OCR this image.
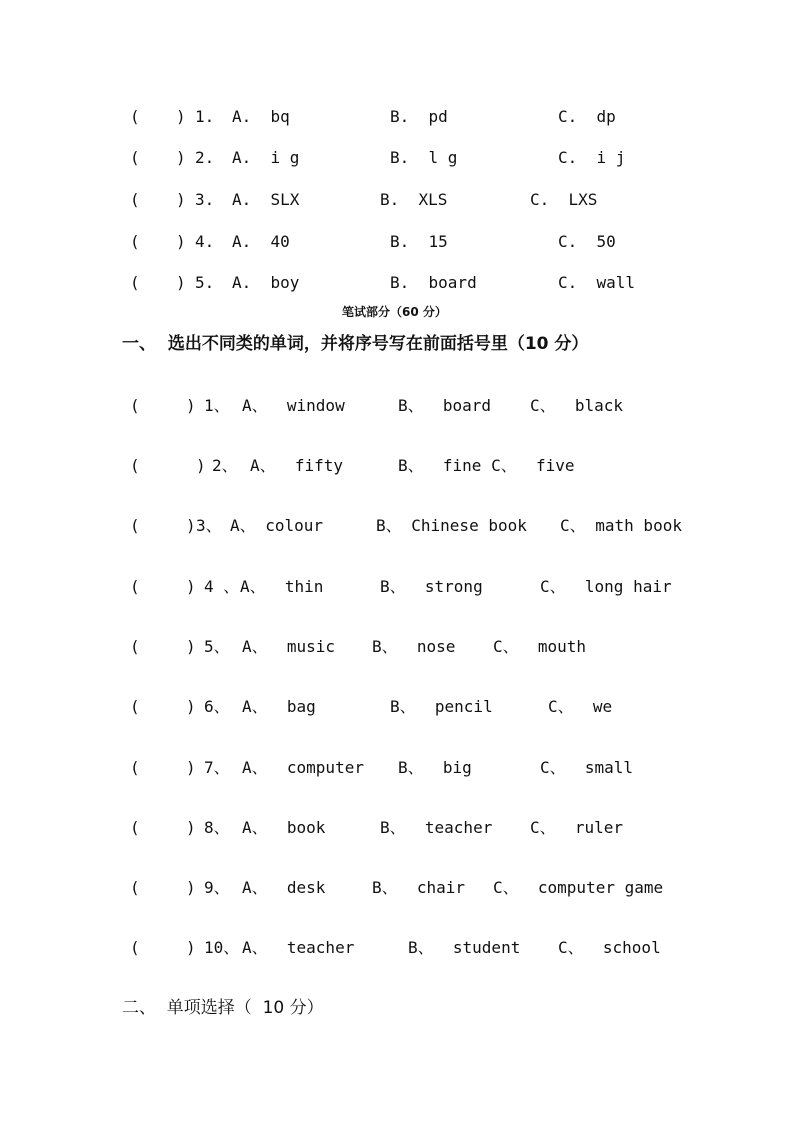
( ) 1. A.  bq	B.  pd	C.  dp
( ) 2. A.  i g	B.  l g	C.  i j
( ) 3. A.  SLX	B.  XLS	C.  LXS
( ) 4. A.  40	B.  15	C.  50
( ) 5. A.  boy	B.  board	C.  wall
笔试部分（60 分）
一、  选出不同类的单词，并将序号写在前面括号里（10 分）
(	) 1、 A、  window	B、  board C、  black
(	) 2、 A、  fifty	B、  fine C、  five
(	) 3、 A、 colour	B、 Chinese book C、 math book
(	) 4 、 A、  thin	B、  strong	C、  long hair
(	) 5、 A、  music B、  nose C、  mouth
(	) 6、 A、  bag	B、  pencil	C、  we
(	) 7、 A、  computer B、  big	C、  small
(	) 8、 A、  book	B、  teacher C、  ruler
(	) 9、 A、  desk	B、  chair C、  computer game
(	) 10、 A、  teacher	B、  student C、  school
二、  单项选择（  10 分）
